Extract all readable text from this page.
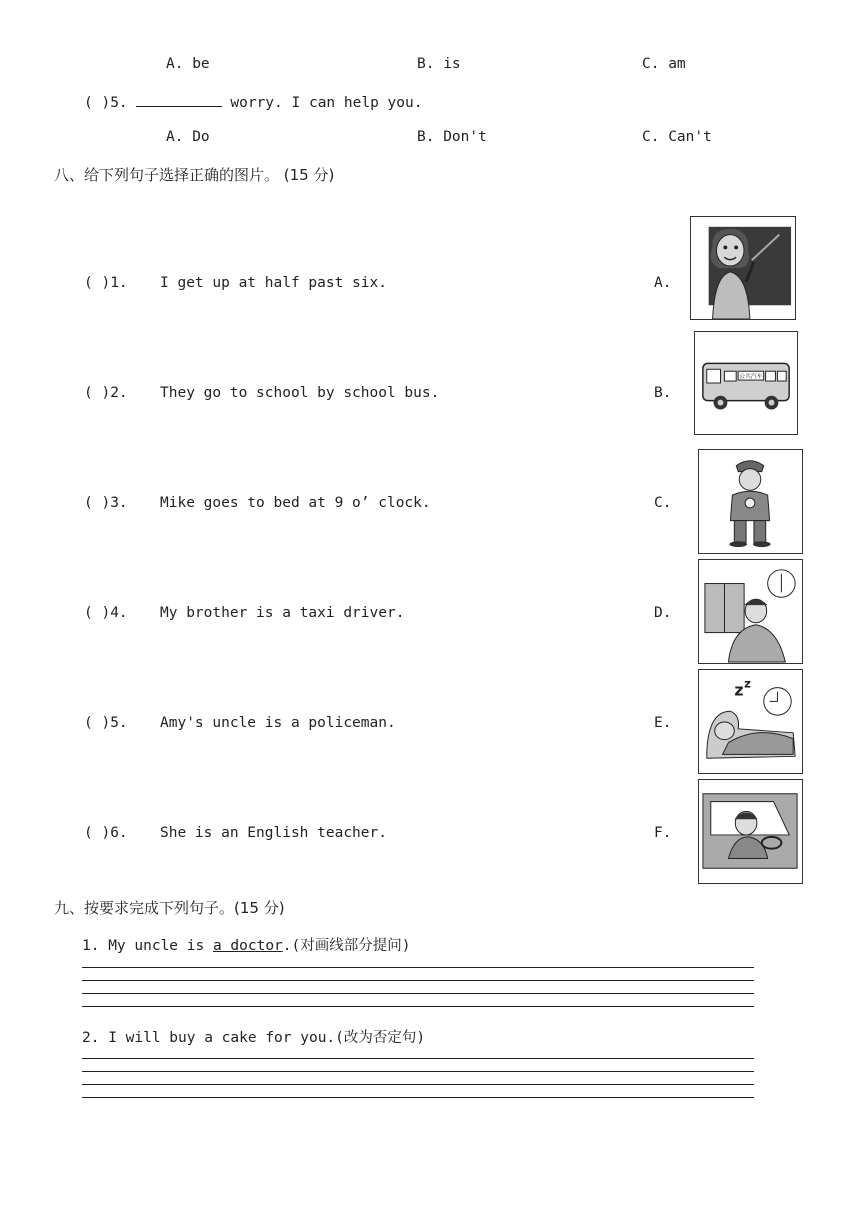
A. be	B. is	C. am
( )5.	worry. I can help you.
A. Do	B. Don't	C. Can't
八、给下列句子选择正确的图片。 (15 分)
( )1. I get up at half past six.	A.
( )2. They go to school by school bus.	B.
( )3. Mike goes to bed at 9 o’ clock.	C.
( )4. My brother is a taxi driver.	D.
( )5. Amy's uncle is a policeman.	E.
( )6. She is an English teacher.	F.
公共汽车
z z
九、按要求完成下列句子。(15 分)
1. My uncle is a doctor.(对画线部分提问)
2. I will buy a cake for you.(改为否定句)
